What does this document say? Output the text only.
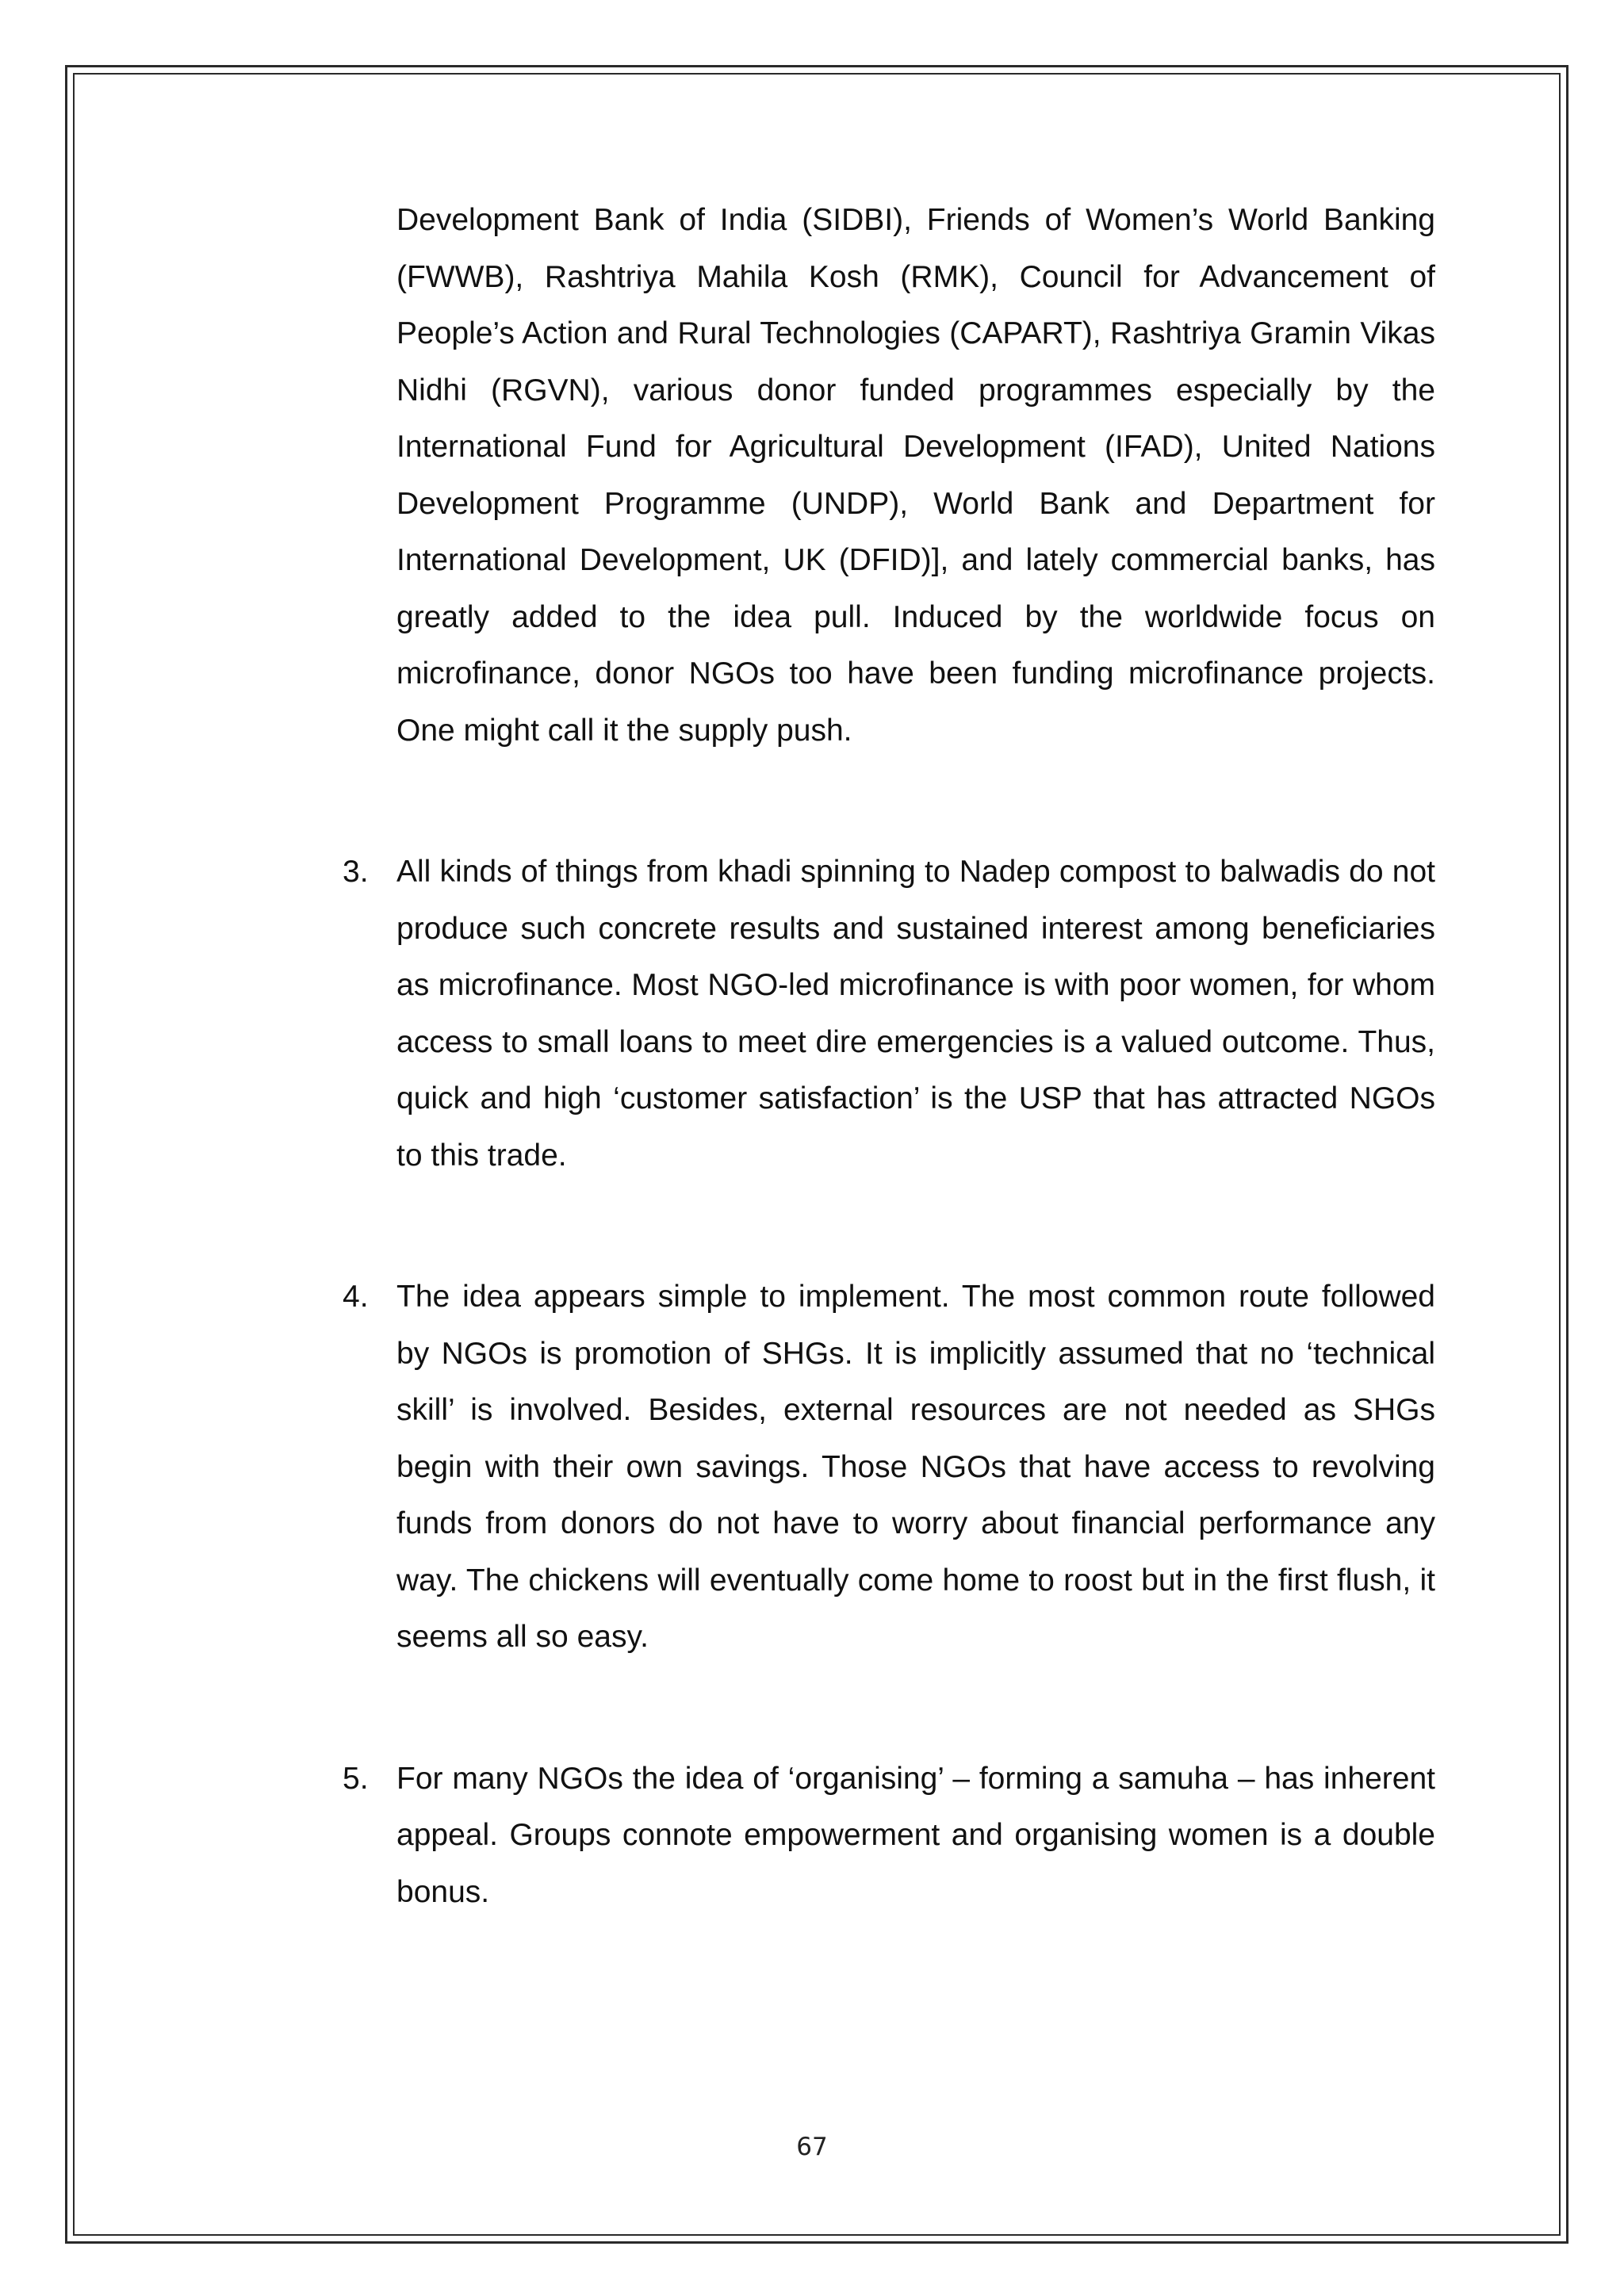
Development Bank of India (SIDBI), Friends of Women’s World Banking (FWWB), Rashtriya Mahila Kosh (RMK), Council for Advancement of People’s Action and Rural Technologies (CAPART), Rashtriya Gramin Vikas Nidhi (RGVN), various donor funded programmes especially by the International Fund for Agricultural Development (IFAD), United Nations Development Programme (UNDP), World Bank and Department for International Development, UK (DFID)], and lately commercial banks, has greatly added to the idea pull. Induced by the worldwide focus on microfinance, donor NGOs too have been funding microfinance projects. One might call it the supply push.

3. All kinds of things from khadi spinning to Nadep compost to balwadis do not produce such concrete results and sustained interest among beneficiaries as microfinance. Most NGO-led microfinance is with poor women, for whom access to small loans to meet dire emergencies is a valued outcome. Thus, quick and high ‘customer satisfaction’ is the USP that has attracted NGOs to this trade.

4. The idea appears simple to implement. The most common route followed by NGOs is promotion of SHGs. It is implicitly assumed that no ‘technical skill’ is involved. Besides, external resources are not needed as SHGs begin with their own savings. Those NGOs that have access to revolving funds from donors do not have to worry about financial performance any way. The chickens will eventually come home to roost but in the first flush, it seems all so easy.

5. For many NGOs the idea of ‘organising’ – forming a samuha – has inherent appeal. Groups connote empowerment and organising women is a double bonus.

67
